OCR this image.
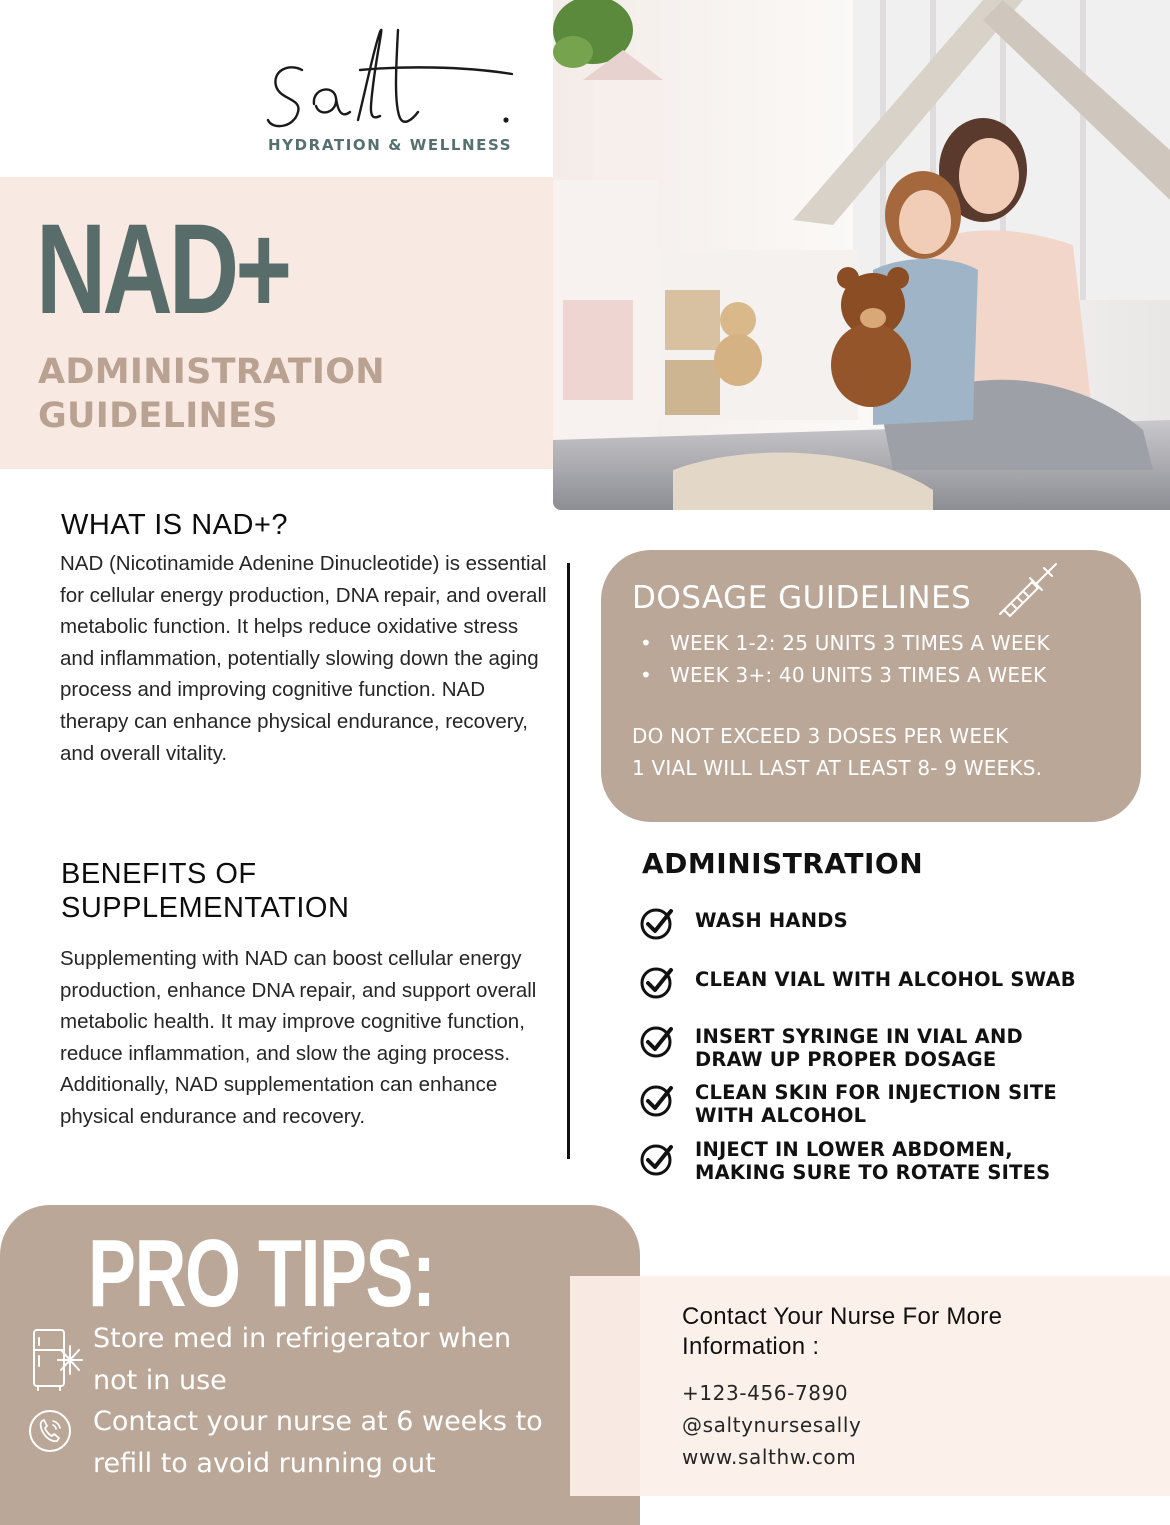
HYDRATION & WELLNESS
NAD+
ADMINISTRATION
GUIDELINES
WHAT IS NAD+?
NAD (Nicotinamide Adenine Dinucleotide) is essential for cellular energy production, DNA repair, and overall metabolic function. It helps reduce oxidative stress and inflammation, potentially slowing down the aging process and improving cognitive function. NAD therapy can enhance physical endurance, recovery, and overall vitality.
BENEFITS OF
SUPPLEMENTATION
Supplementing with NAD can boost cellular energy production, enhance DNA repair, and support overall metabolic health. It may improve cognitive function, reduce inflammation, and slow the aging process. Additionally, NAD supplementation can enhance physical endurance and recovery.
DOSAGE GUIDELINES
• WEEK 1-2: 25 UNITS 3 TIMES A WEEK
• WEEK 3+: 40 UNITS 3 TIMES A WEEK
DO NOT EXCEED 3 DOSES PER WEEK
1 VIAL WILL LAST AT LEAST 8- 9 WEEKS.
ADMINISTRATION
WASH HANDS
CLEAN VIAL WITH ALCOHOL SWAB
INSERT SYRINGE IN VIAL AND
DRAW UP PROPER DOSAGE
CLEAN SKIN FOR INJECTION SITE
WITH ALCOHOL
INJECT IN LOWER ABDOMEN,
MAKING SURE TO ROTATE SITES
PRO TIPS:
Store med in refrigerator when not in use
Contact your nurse at 6 weeks to refill to avoid running out
Contact Your Nurse For More Information :
+123-456-7890
@saltynursesally
www.salthw.com
